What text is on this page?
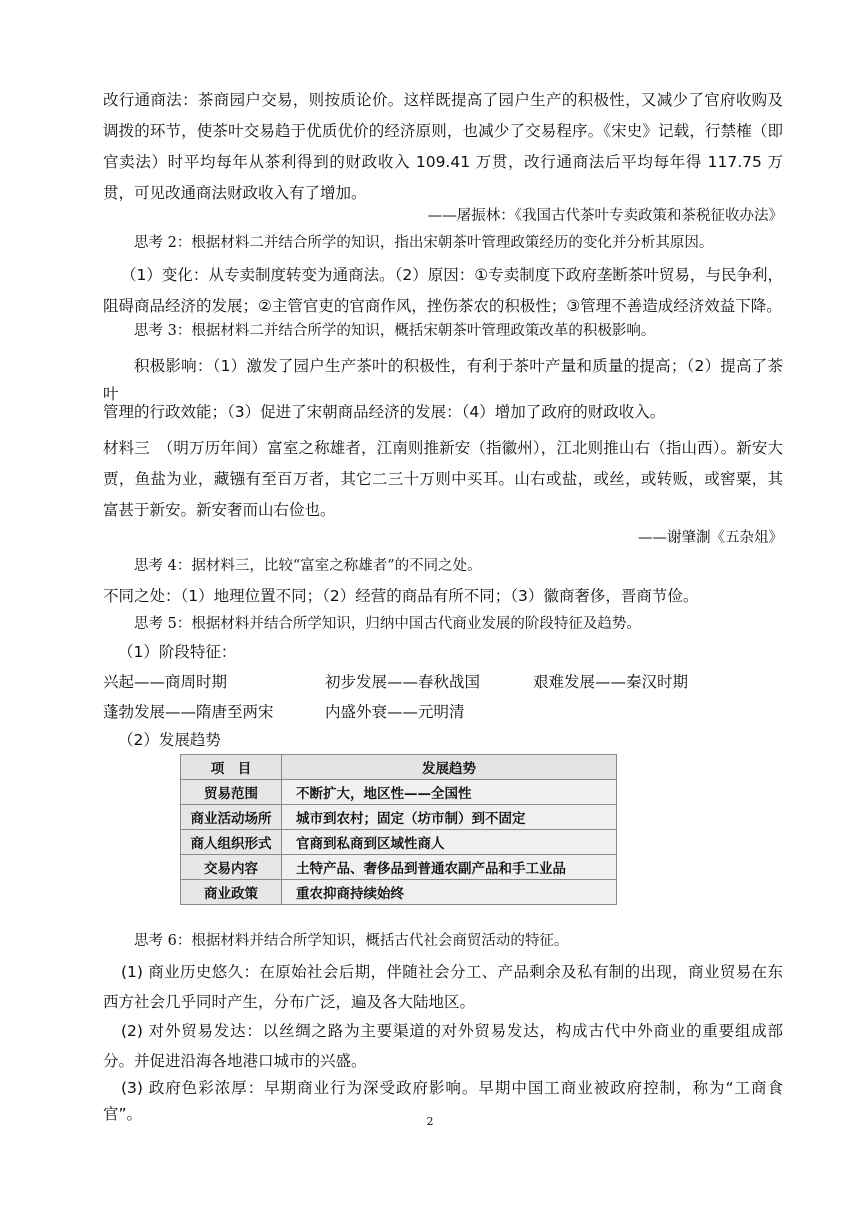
改行通商法：茶商园户交易，则按质论价。这样既提高了园户生产的积极性，又减少了官府收购及调拨的环节，使茶叶交易趋于优质优价的经济原则，也减少了交易程序。《宋史》记载，行禁榷（即官卖法）时平均每年从茶利得到的财政收入 109.41 万贯，改行通商法后平均每年得 117.75 万贯，可见改通商法财政收入有了增加。

——屠振林：《我国古代茶叶专卖政策和茶税征收办法》

思考 2：根据材料二并结合所学的知识，指出宋朝茶叶管理政策经历的变化并分析其原因。

（1）变化：从专卖制度转变为通商法。（2）原因：①专卖制度下政府垄断茶叶贸易，与民争利，阻碍商品经济的发展；②主管官吏的官商作风，挫伤茶农的积极性；③管理不善造成经济效益下降。

思考 3：根据材料二并结合所学的知识，概括宋朝茶叶管理政策改革的积极影响。

积极影响：（1）激发了园户生产茶叶的积极性，有利于茶叶产量和质量的提高；（2）提高了茶叶

管理的行政效能；（3）促进了宋朝商品经济的发展：（4）增加了政府的财政收入。

材料三　（明万历年间）富室之称雄者，江南则推新安（指徽州），江北则推山右（指山西）。新安大贾，鱼盐为业，藏镪有至百万者，其它二三十万则中买耳。山右或盐，或丝，或转贩，或窖粟，其富甚于新安。新安奢而山右俭也。

——谢肇淛《五杂俎》

思考 4：据材料三，比较“富室之称雄者”的不同之处。

不同之处：（1）地理位置不同；（2）经营的商品有所不同；（3）徽商奢侈，晋商节俭。

思考 5：根据材料并结合所学知识，归纳中国古代商业发展的阶段特征及趋势。

（1）阶段特征：
兴起——商周时期	初步发展——春秋战国	艰难发展——秦汉时期
蓬勃发展——隋唐至两宋	内盛外衰——元明清
（2）发展趋势
项　目	发展趋势
贸易范围	不断扩大，地区性——全国性
商业活动场所	城市到农村；固定（坊市制）到不固定
商人组织形式	官商到私商到区域性商人
交易内容	土特产品、奢侈品到普通农副产品和手工业品
商业政策	重农抑商持续始终

思考 6：根据材料并结合所学知识，概括古代社会商贸活动的特征。

(1) 商业历史悠久：在原始社会后期，伴随社会分工、产品剩余及私有制的出现，商业贸易在东西方社会几乎同时产生，分布广泛，遍及各大陆地区。

(2) 对外贸易发达：以丝绸之路为主要渠道的对外贸易发达，构成古代中外商业的重要组成部分。并促进沿海各地港口城市的兴盛。

(3) 政府色彩浓厚：早期商业行为深受政府影响。早期中国工商业被政府控制，称为“工商食官”。	2
